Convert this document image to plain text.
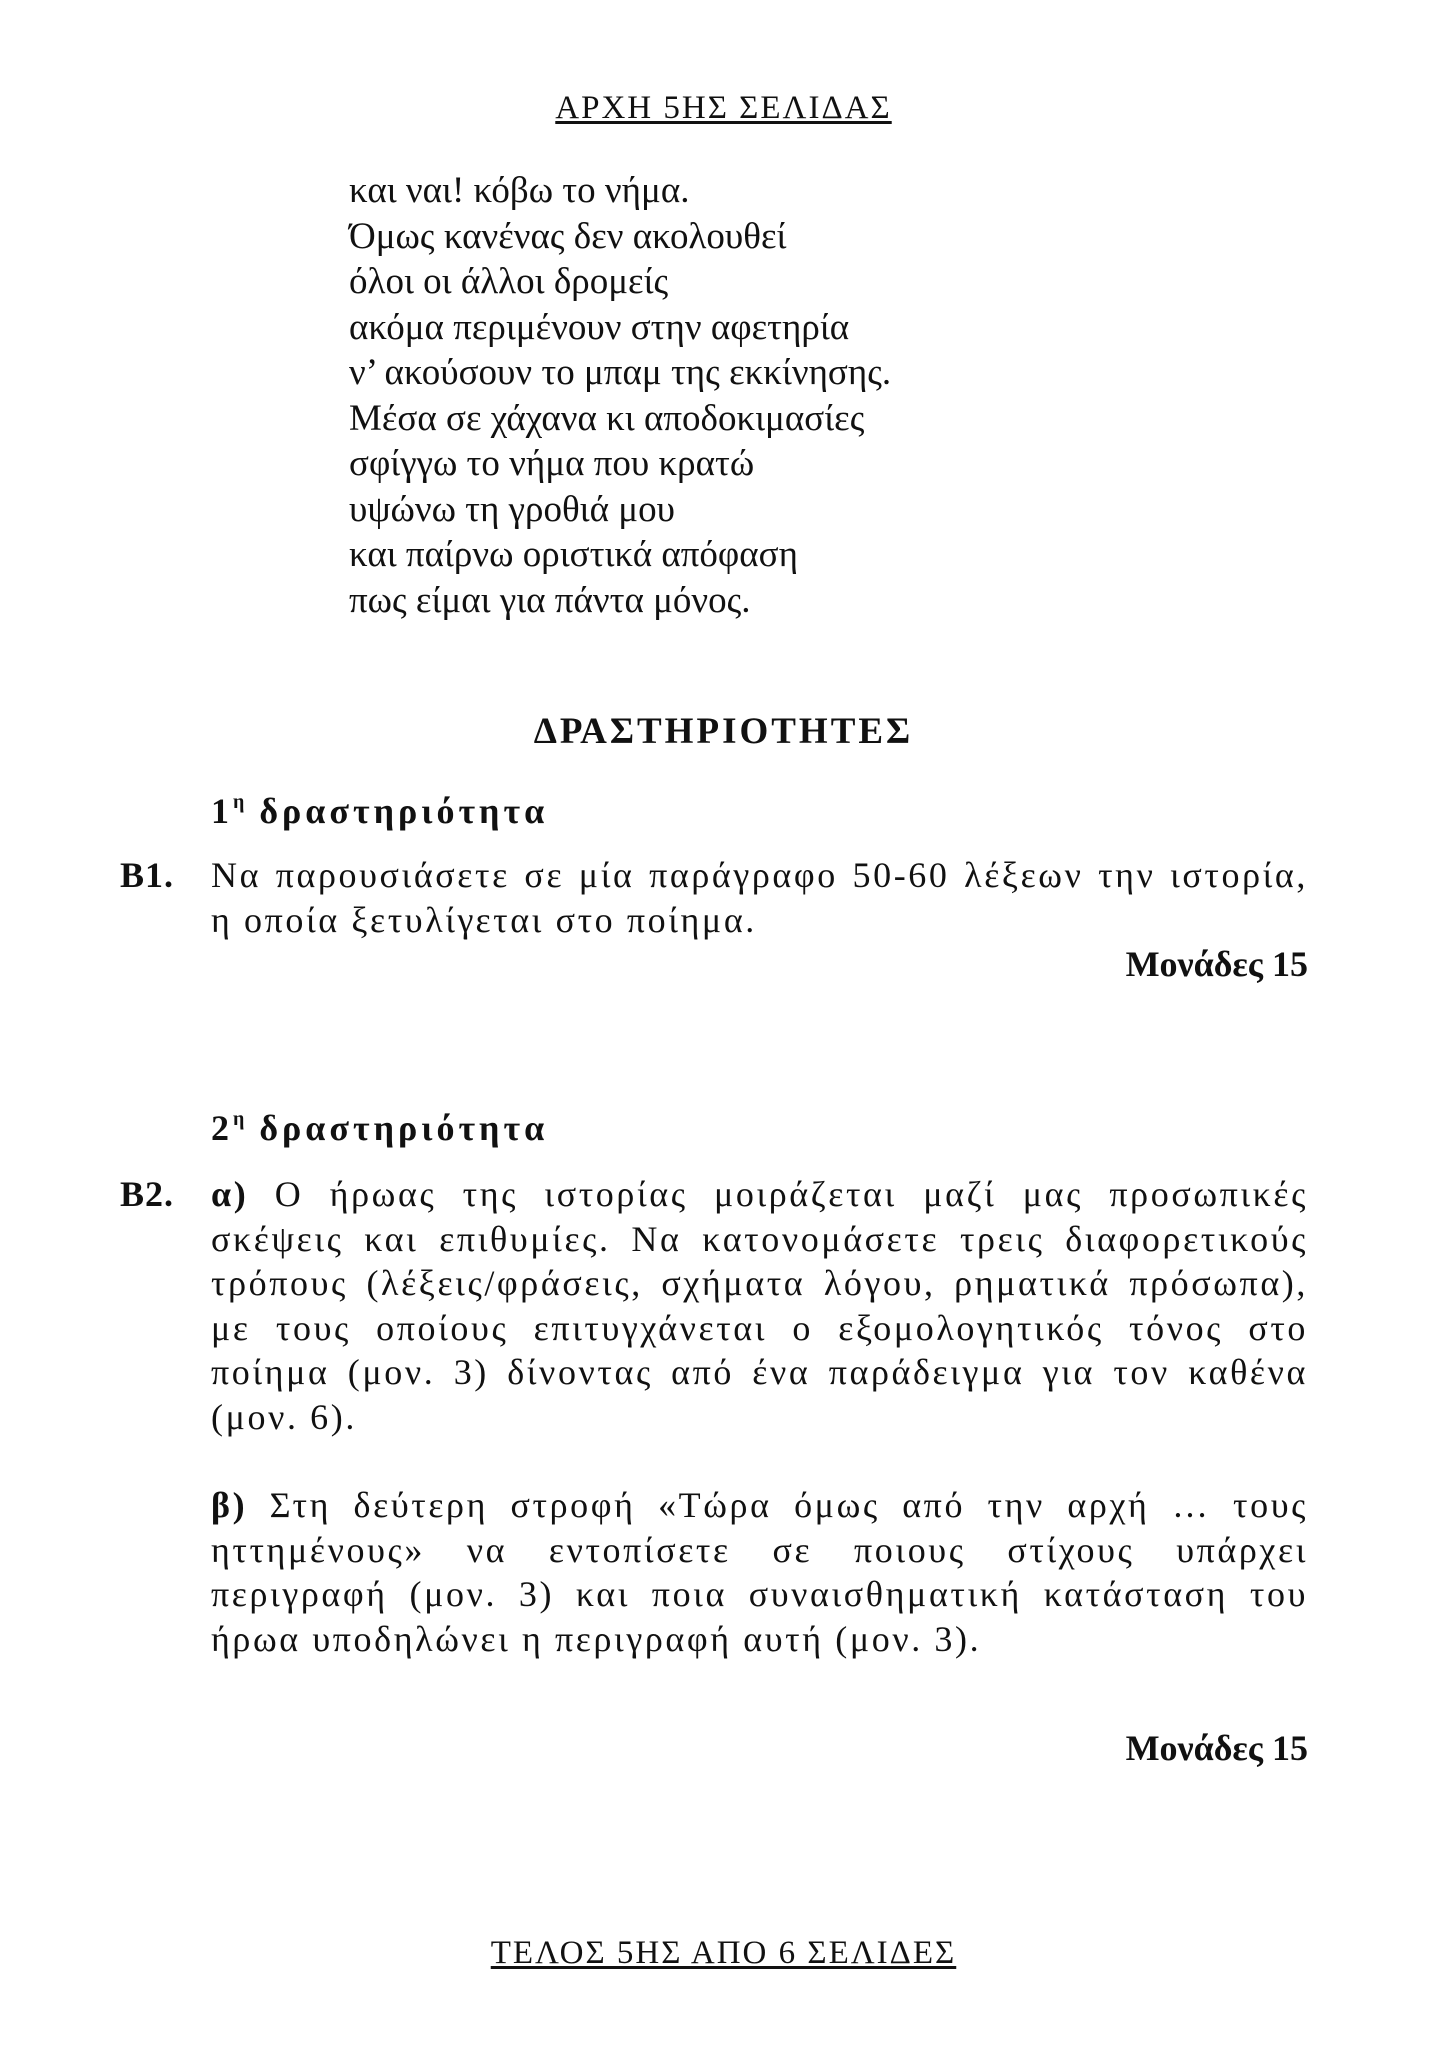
ΑΡΧΗ 5ΗΣ ΣΕΛΙΔΑΣ
και ναι! κόβω το νήμα.
Όμως κανένας δεν ακολουθεί
όλοι οι άλλοι δρομείς
ακόμα περιμένουν στην αφετηρία
ν’ ακούσουν το μπαμ της εκκίνησης.
Μέσα σε χάχανα κι αποδοκιμασίες
σφίγγω το νήμα που κρατώ
υψώνω τη γροθιά μου
και παίρνω οριστικά απόφαση
πως είμαι για πάντα μόνος.
ΔΡΑΣΤΗΡΙΟΤΗΤΕΣ
$1^\eta$ δραστηριότητα
Β1. Να παρουσιάσετε σε μία παράγραφο 50-60 λέξεων την ιστορία, η οποία ξετυλίγεται στο ποίημα.
Μονάδες 15
$2^\eta$ δραστηριότητα
Β2. α) Ο ήρωας της ιστορίας μοιράζεται μαζί μας προσωπικές σκέψεις και επιθυμίες. Να κατονομάσετε τρεις διαφορετικούς τρόπους (λέξεις/φράσεις, σχήματα λόγου, ρηματικά πρόσωπα), με τους οποίους επιτυγχάνεται ο εξομολογητικός τόνος στο ποίημα (μον. 3) δίνοντας από ένα παράδειγμα για τον καθένα (μον. 6).
β) Στη δεύτερη στροφή «Τώρα όμως από την αρχή … τους ηττημένους» να εντοπίσετε σε ποιους στίχους υπάρχει περιγραφή (μον. 3) και ποια συναισθηματική κατάσταση του ήρωα υποδηλώνει η περιγραφή αυτή (μον. 3).
Μονάδες 15
ΤΕΛΟΣ 5ΗΣ ΑΠΟ 6 ΣΕΛΙΔΕΣ
